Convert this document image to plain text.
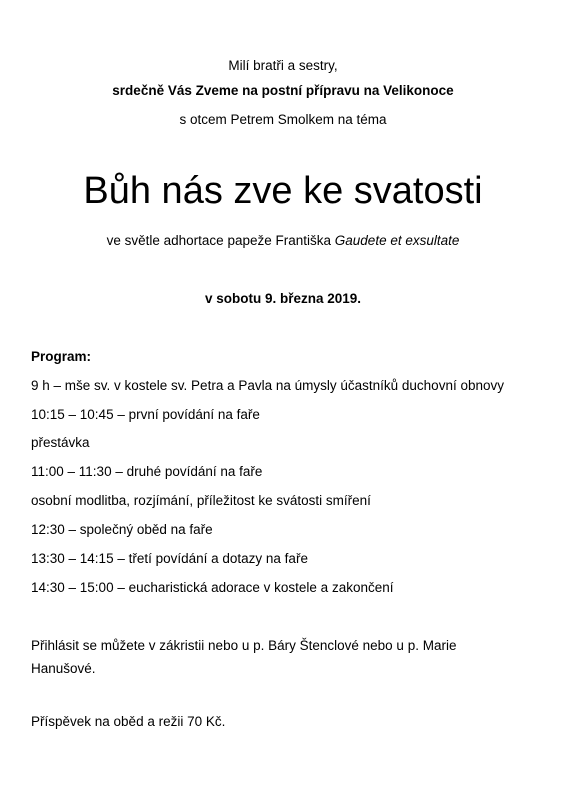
Milí bratři a sestry,
srdečně Vás Zveme na postní přípravu na Velikonoce
s otcem Petrem Smolkem na téma
Bůh nás zve ke svatosti
ve světle adhortace papeže Františka Gaudete et exsultate
v sobotu 9. března 2019.
Program:
9 h – mše sv. v kostele sv. Petra a Pavla na úmysly účastníků duchovní obnovy
10:15 – 10:45 – první povídání na faře
přestávka
11:00 – 11:30 – druhé povídání na faře
osobní modlitba, rozjímání, příležitost ke svátosti smíření
12:30 – společný oběd na faře
13:30 – 14:15 – třetí povídání a dotazy na faře
14:30 – 15:00 – eucharistická adorace v kostele a zakončení
Přihlásit se můžete v zákristii nebo u p. Báry Štenclové nebo u p. Marie Hanušové.
Příspěvek na oběd a režii 70 Kč.
